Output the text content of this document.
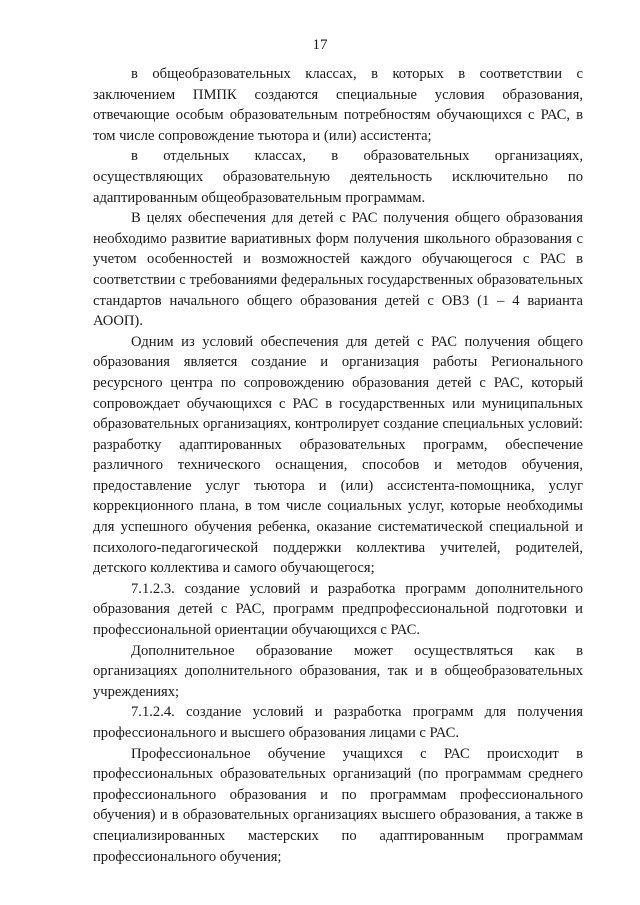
17

в общеобразовательных классах, в которых в соответствии с заключением ПМПК создаются специальные условия образования, отвечающие особым образовательным потребностям обучающихся с РАС, в том числе сопровождение тьютора и (или) ассистента;

в отдельных классах, в образовательных организациях, осуществляющих образовательную деятельность исключительно по адаптированным общеобразовательным программам.

В целях обеспечения для детей с РАС получения общего образования необходимо развитие вариативных форм получения школьного образования с учетом особенностей и возможностей каждого обучающегося с РАС в соответствии с требованиями федеральных государственных образовательных стандартов начального общего образования детей с ОВЗ (1 – 4 варианта АООП).

Одним из условий обеспечения для детей с РАС получения общего образования является создание и организация работы Регионального ресурсного центра по сопровождению образования детей с РАС, который сопровождает обучающихся с РАС в государственных или муниципальных образовательных организациях, контролирует создание специальных условий: разработку адаптированных образовательных программ, обеспечение различного технического оснащения, способов и методов обучения, предоставление услуг тьютора и (или) ассистента-помощника, услуг коррекционного плана, в том числе социальных услуг, которые необходимы для успешного обучения ребенка, оказание систематической специальной и психолого-педагогической поддержки коллектива учителей, родителей, детского коллектива и самого обучающегося;

7.1.2.3. создание условий и разработка программ дополнительного образования детей с РАС, программ предпрофессиональной подготовки и профессиональной ориентации обучающихся с РАС.

Дополнительное образование может осуществляться как в организациях дополнительного образования, так и в общеобразовательных учреждениях;

7.1.2.4. создание условий и разработка программ для получения профессионального и высшего образования лицами с РАС.

Профессиональное обучение учащихся с РАС происходит в профессиональных образовательных организаций (по программам среднего профессионального образования и по программам профессионального обучения) и в образовательных организациях высшего образования, а также в специализированных мастерских по адаптированным программам профессионального обучения;
